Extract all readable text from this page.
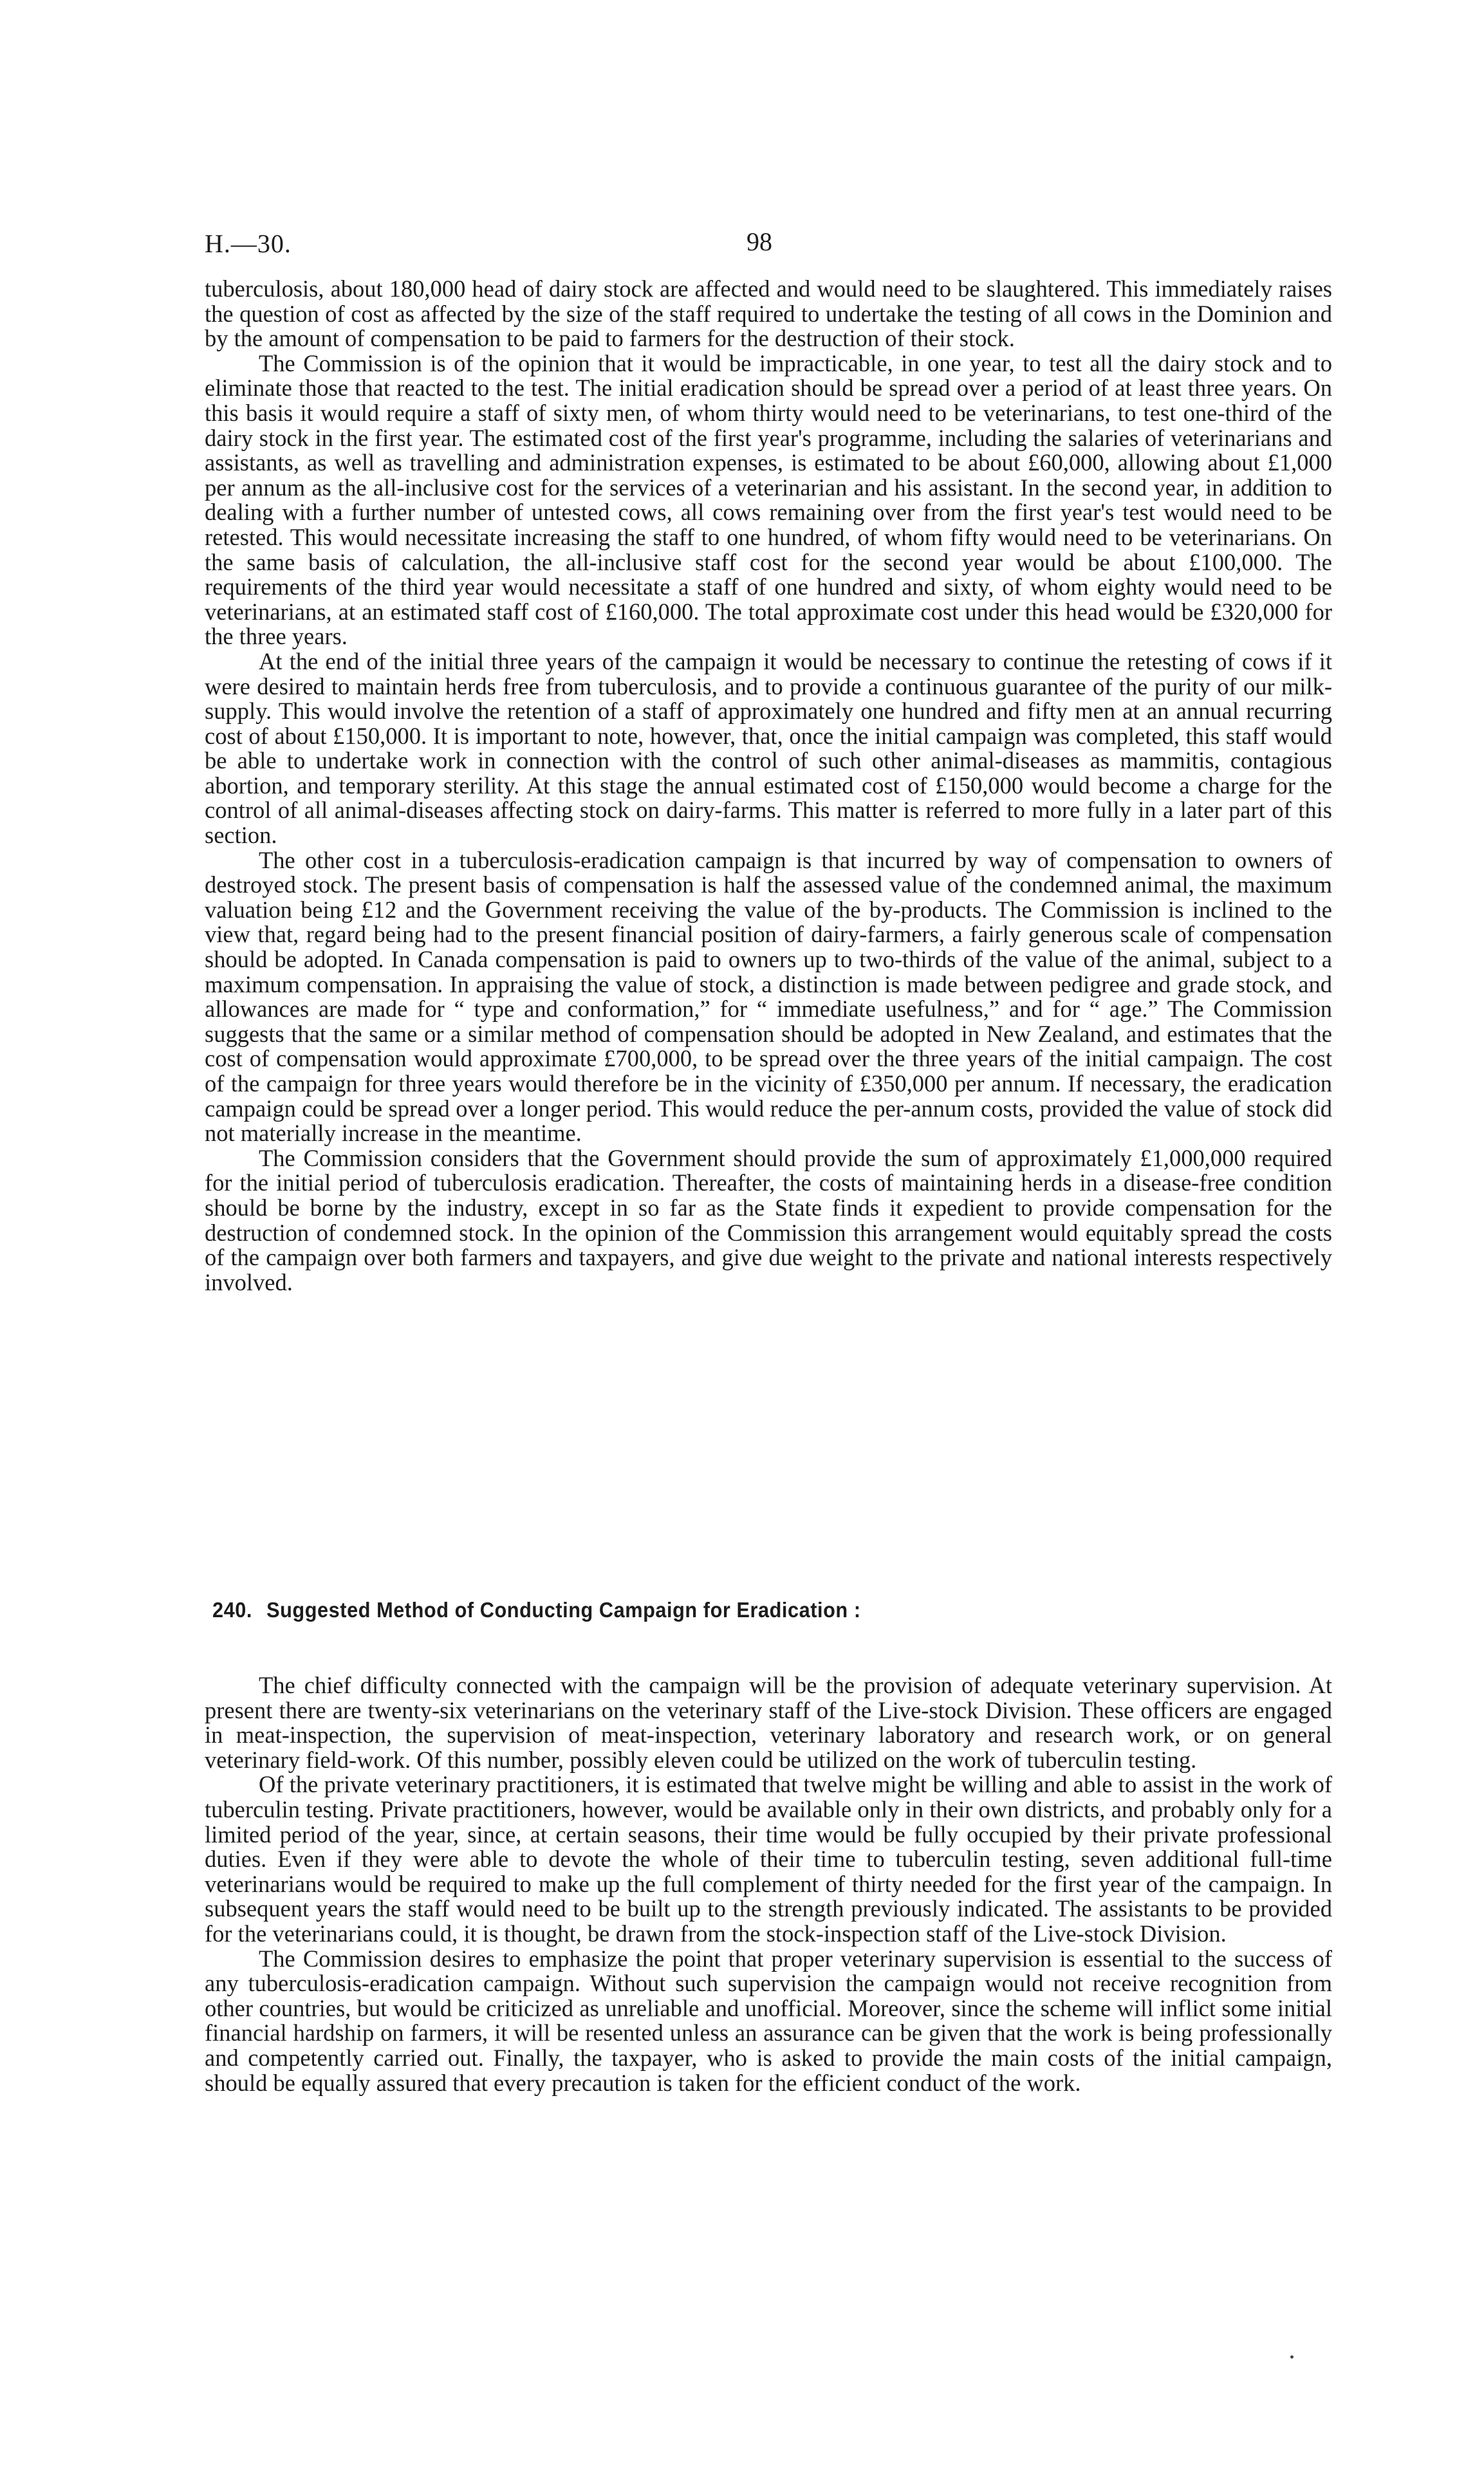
H.—30.	98

tuberculosis, about 180,000 head of dairy stock are affected and would need to be slaughtered. This immediately raises the question of cost as affected by the size of the staff required to undertake the testing of all cows in the Dominion and by the amount of compensation to be paid to farmers for the destruction of their stock.

The Commission is of the opinion that it would be impracticable, in one year, to test all the dairy stock and to eliminate those that reacted to the test. The initial eradication should be spread over a period of at least three years. On this basis it would require a staff of sixty men, of whom thirty would need to be veterinarians, to test one-third of the dairy stock in the first year. The estimated cost of the first year's programme, including the salaries of veterinarians and assistants, as well as travelling and administration expenses, is estimated to be about £60,000, allowing about £1,000 per annum as the all-inclusive cost for the services of a veterinarian and his assistant. In the second year, in addition to dealing with a further number of untested cows, all cows remaining over from the first year's test would need to be retested. This would necessitate increasing the staff to one hundred, of whom fifty would need to be veterinarians. On the same basis of calculation, the all-inclusive staff cost for the second year would be about £100,000. The requirements of the third year would necessitate a staff of one hundred and sixty, of whom eighty would need to be veterinarians, at an estimated staff cost of £160,000. The total approximate cost under this head would be £320,000 for the three years.

At the end of the initial three years of the campaign it would be necessary to continue the retesting of cows if it were desired to maintain herds free from tuberculosis, and to provide a continuous guarantee of the purity of our milk-supply. This would involve the retention of a staff of approximately one hundred and fifty men at an annual recurring cost of about £150,000. It is important to note, however, that, once the initial campaign was completed, this staff would be able to undertake work in connection with the control of such other animal-diseases as mammitis, contagious abortion, and temporary sterility. At this stage the annual estimated cost of £150,000 would become a charge for the control of all animal-diseases affecting stock on dairy-farms. This matter is referred to more fully in a later part of this section.

The other cost in a tuberculosis-eradication campaign is that incurred by way of compensation to owners of destroyed stock. The present basis of compensation is half the assessed value of the condemned animal, the maximum valuation being £12 and the Government receiving the value of the by-products. The Commission is inclined to the view that, regard being had to the present financial position of dairy-farmers, a fairly generous scale of compensation should be adopted. In Canada compensation is paid to owners up to two-thirds of the value of the animal, subject to a maximum compensation. In appraising the value of stock, a distinction is made between pedigree and grade stock, and allowances are made for “ type and conformation,” for “ immediate usefulness,” and for “ age.” The Commission suggests that the same or a similar method of compensation should be adopted in New Zealand, and estimates that the cost of compensation would approximate £700,000, to be spread over the three years of the initial campaign. The cost of the campaign for three years would therefore be in the vicinity of £350,000 per annum. If necessary, the eradication campaign could be spread over a longer period. This would reduce the per-annum costs, provided the value of stock did not materially increase in the meantime.

The Commission considers that the Government should provide the sum of approximately £1,000,000 required for the initial period of tuberculosis eradication. Thereafter, the costs of maintaining herds in a disease-free condition should be borne by the industry, except in so far as the State finds it expedient to provide compensation for the destruction of condemned stock. In the opinion of the Commission this arrangement would equitably spread the costs of the campaign over both farmers and taxpayers, and give due weight to the private and national interests respectively involved.

240. Suggested Method of Conducting Campaign for Eradication :

The chief difficulty connected with the campaign will be the provision of adequate veterinary supervision. At present there are twenty-six veterinarians on the veterinary staff of the Live-stock Division. These officers are engaged in meat-inspection, the supervision of meat-inspection, veterinary laboratory and research work, or on general veterinary field-work. Of this number, possibly eleven could be utilized on the work of tuberculin testing.

Of the private veterinary practitioners, it is estimated that twelve might be willing and able to assist in the work of tuberculin testing. Private practitioners, however, would be available only in their own districts, and probably only for a limited period of the year, since, at certain seasons, their time would be fully occupied by their private professional duties. Even if they were able to devote the whole of their time to tuberculin testing, seven additional full-time veterinarians would be required to make up the full complement of thirty needed for the first year of the campaign. In subsequent years the staff would need to be built up to the strength previously indicated. The assistants to be provided for the veterinarians could, it is thought, be drawn from the stock-inspection staff of the Live-stock Division.

The Commission desires to emphasize the point that proper veterinary supervision is essential to the success of any tuberculosis-eradication campaign. Without such supervision the campaign would not receive recognition from other countries, but would be criticized as unreliable and unofficial. Moreover, since the scheme will inflict some initial financial hardship on farmers, it will be resented unless an assurance can be given that the work is being professionally and competently carried out. Finally, the taxpayer, who is asked to provide the main costs of the initial campaign, should be equally assured that every precaution is taken for the efficient conduct of the work.
